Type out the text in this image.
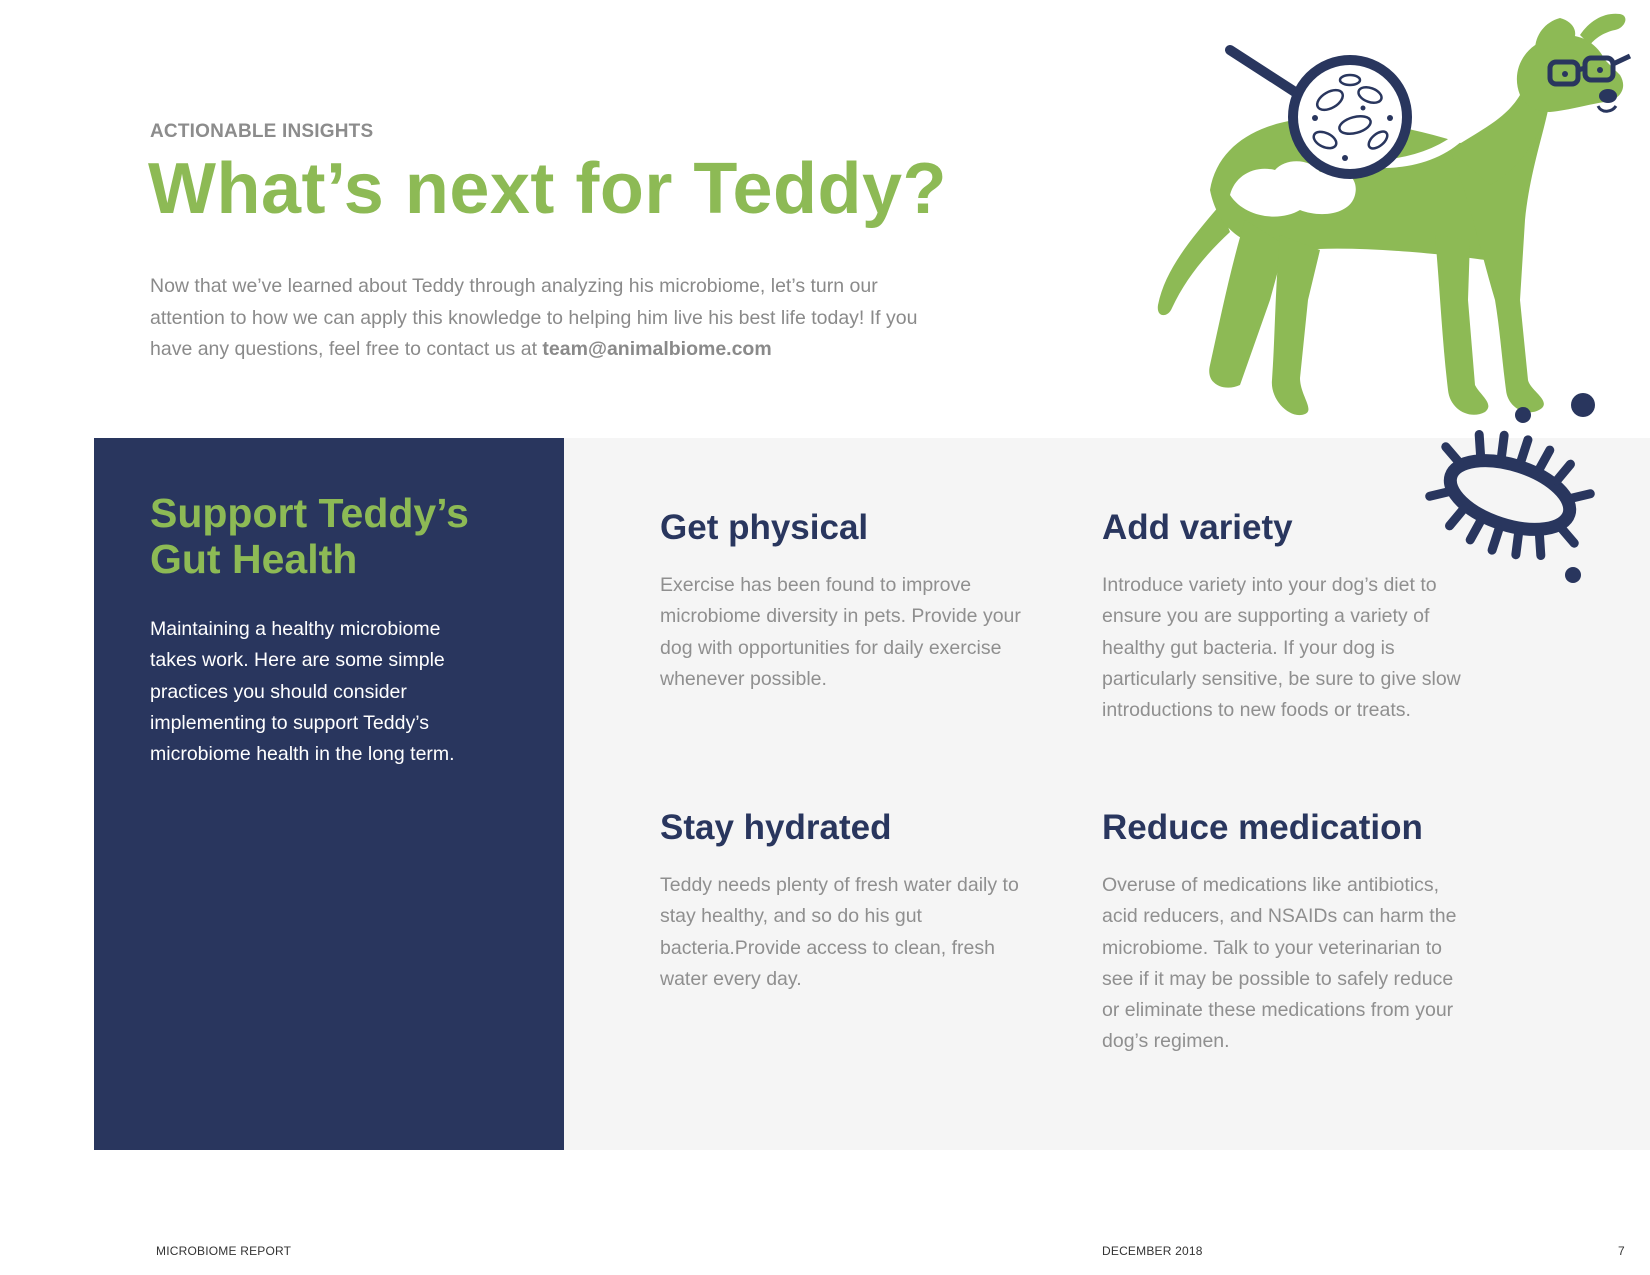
ACTIONABLE INSIGHTS
What’s next for Teddy?

Now that we’ve learned about Teddy through analyzing his microbiome, let’s turn our attention to how we can apply this knowledge to helping him live his best life today! If you have any questions, feel free to contact us at team@animalbiome.com

Support Teddy’s Gut Health

Maintaining a healthy microbiome takes work. Here are some simple practices you should consider implementing to support Teddy’s microbiome health in the long term.

Get physical

Exercise has been found to improve microbiome diversity in pets. Provide your dog with opportunities for daily exercise whenever possible.

Add variety

Introduce variety into your dog’s diet to ensure you are supporting a variety of healthy gut bacteria. If your dog is particularly sensitive, be sure to give slow introductions to new foods or treats.

Stay hydrated

Teddy needs plenty of fresh water daily to stay healthy, and so do his gut bacteria.Provide access to clean, fresh water every day.

Reduce medication

Overuse of medications like antibiotics, acid reducers, and NSAIDs can harm the microbiome. Talk to your veterinarian to see if it may be possible to safely reduce or eliminate these medications from your dog’s regimen.

MICROBIOME REPORT	DECEMBER 2018	7
